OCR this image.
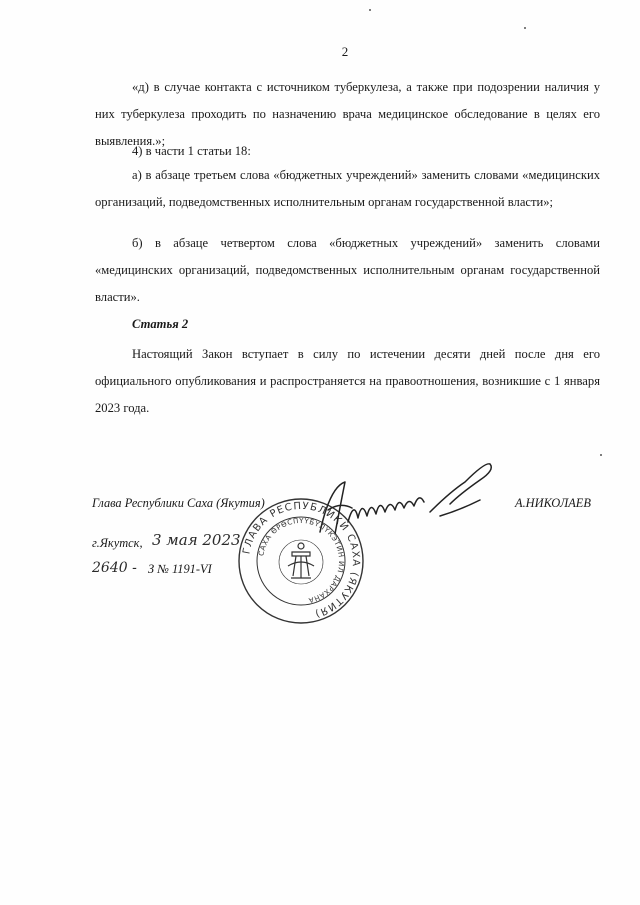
2

«д) в случае контакта с источником туберкулеза, а также при подозрении наличия у них туберкулеза проходить по назначению врача медицинское обследование в целях его выявления.»;

4) в части 1 статьи 18:

а) в абзаце третьем слова «бюджетных учреждений» заменить словами «медицинских организаций, подведомственных исполнительным органам государственной власти»;

б) в абзаце четвертом слова «бюджетных учреждений» заменить словами «медицинских организаций, подведомственных исполнительным органам государственной власти».

Статья 2

Настоящий Закон вступает в силу по истечении десяти дней после дня его официального опубликования и распространяется на правоотношения, возникшие с 1 января 2023 года.

ГЛАВА РЕСПУБЛИКИ САХА (ЯКУТИЯ)
САХА ӨРӨСПҮҮБҮЛҮКЭТИН ИЛ ДАРХАНА
Глава Республики Саха (Якутия)	А.НИКОЛАЕВ
г.Якутск, 3 мая 2023
2640 - З № 1191-VI
